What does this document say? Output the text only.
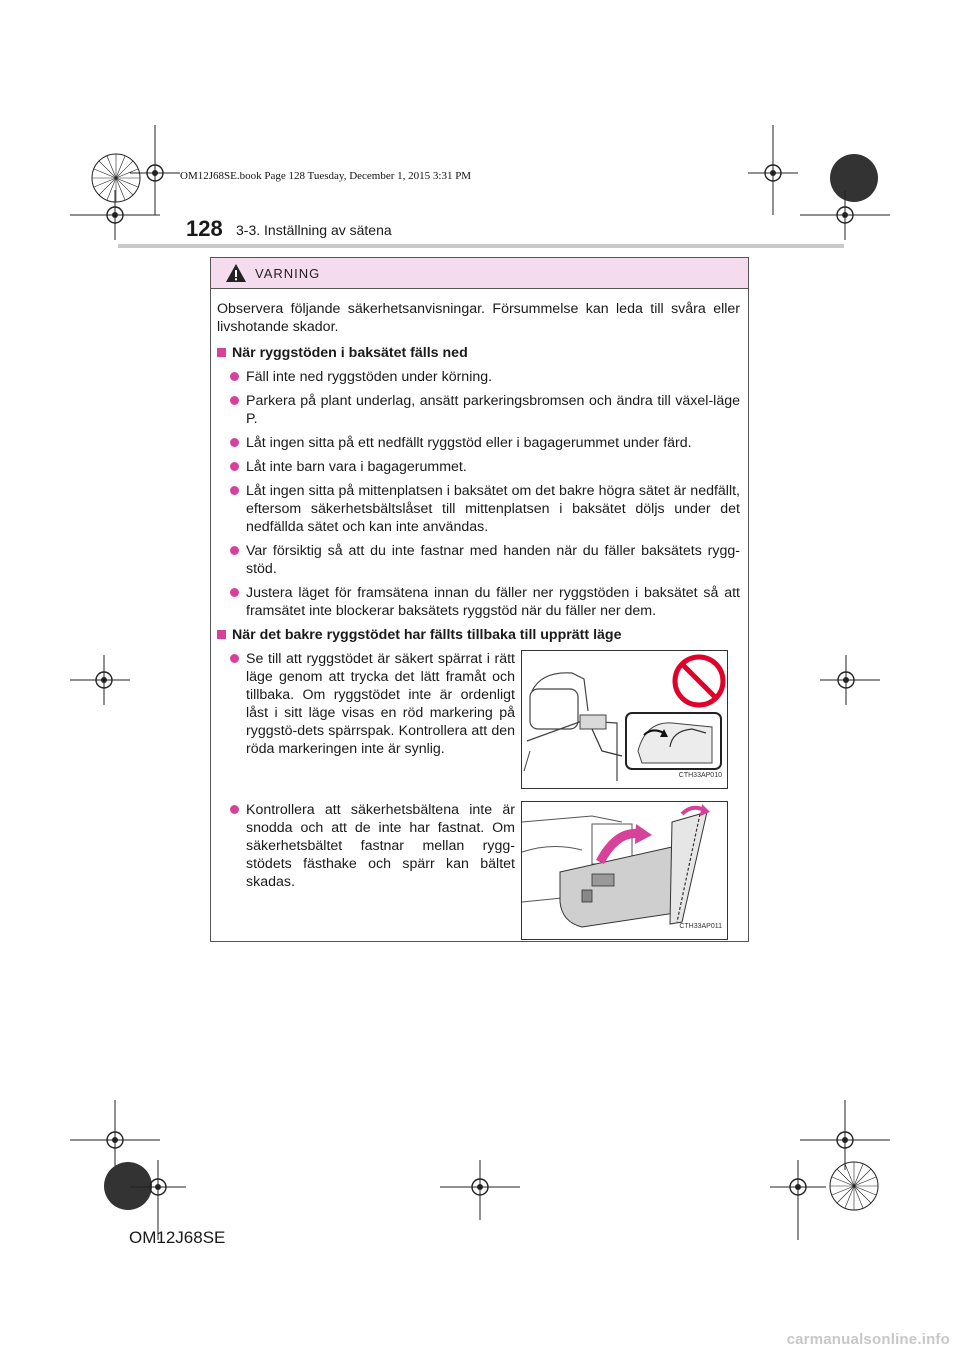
OM12J68SE.book Page 128 Tuesday, December 1, 2015 3:31 PM
128 3-3. Inställning av sätena
VARNING

Observera följande säkerhetsanvisningar. Försummelse kan leda till svåra eller livshotande skador.

När ryggstöden i baksätet fälls ned
Fäll inte ned ryggstöden under körning.
Parkera på plant underlag, ansätt parkeringsbromsen och ändra till växel-läge P.
Låt ingen sitta på ett nedfällt ryggstöd eller i bagagerummet under färd.
Låt inte barn vara i bagagerummet.
Låt ingen sitta på mittenplatsen i baksätet om det bakre högra sätet är nedfällt, eftersom säkerhetsbältslåset till mittenplatsen i baksätet döljs under det nedfällda sätet och kan inte användas.
Var försiktig så att du inte fastnar med handen när du fäller baksätets rygg-stöd.
Justera läget för framsätena innan du fäller ner ryggstöden i baksätet så att framsätet inte blockerar baksätets ryggstöd när du fäller ner dem.
När det bakre ryggstödet har fällts tillbaka till upprätt läge
Se till att ryggstödet är säkert spärrat i rätt läge genom att trycka det lätt framåt och tillbaka. Om ryggstödet inte är ordenligt låst i sitt läge visas en röd markering på ryggstö-dets spärrspak. Kontrollera att den röda markeringen inte är synlig.
CTH33AP010
Kontrollera att säkerhetsbältena inte är snodda och att de inte har fastnat. Om säkerhetsbältet fastnar mellan rygg-stödets fästhake och spärr kan bältet skadas.
CTH33AP011
OM12J68SE
carmanualsonline.info
